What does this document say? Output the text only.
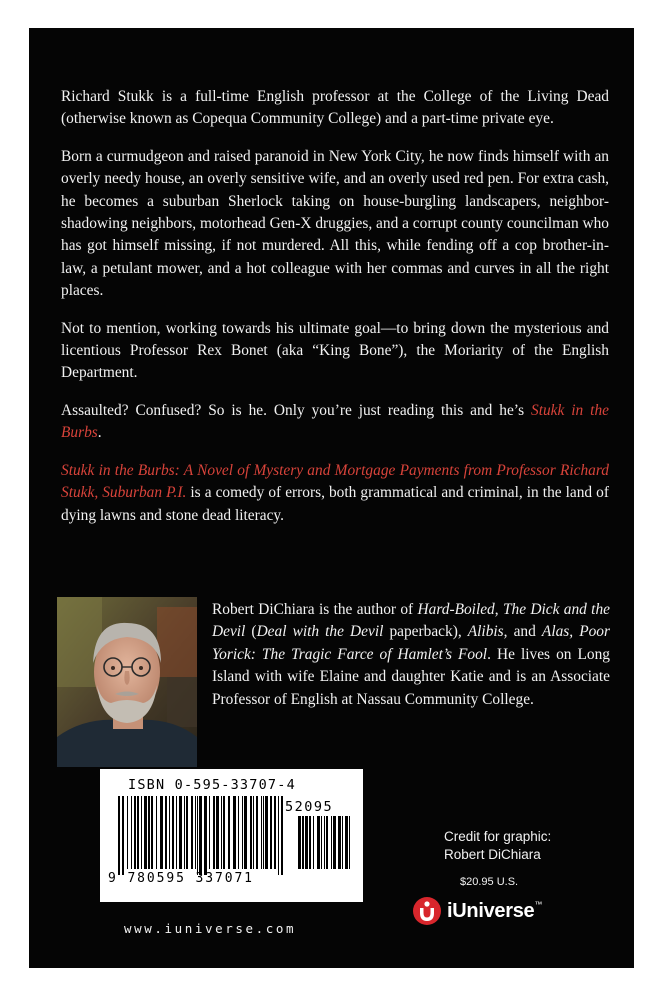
Richard Stukk is a full-time English professor at the College of the Living Dead (otherwise known as Copequa Community College) and a part-time private eye.

Born a curmudgeon and raised paranoid in New York City, he now finds himself with an overly needy house, an overly sensitive wife, and an overly used red pen. For extra cash, he becomes a suburban Sherlock taking on house-burgling landscapers, neighbor-shadowing neighbors, motorhead Gen-X druggies, and a corrupt county councilman who has got himself missing, if not murdered. All this, while fending off a cop brother-in-law, a petulant mower, and a hot colleague with her commas and curves in all the right places.

Not to mention, working towards his ultimate goal—to bring down the mysterious and licentious Professor Rex Bonet (aka “King Bone”), the Moriarity of the English Department.

Assaulted? Confused? So is he. Only you’re just reading this and he’s Stukk in the Burbs.

Stukk in the Burbs: A Novel of Mystery and Mortgage Payments from Professor Richard Stukk, Suburban P.I. is a comedy of errors, both grammatical and criminal, in the land of dying lawns and stone dead literacy.

Robert DiChiara is the author of Hard-Boiled, The Dick and the Devil (Deal with the Devil paperback), Alibis, and Alas, Poor Yorick: The Tragic Farce of Hamlet’s Fool. He lives on Long Island with wife Elaine and daughter Katie and is an Associate Professor of English at Nassau Community College.

ISBN 0-595-33707-4
52095
9 780595 337071
www.iuniverse.com
Credit for graphic:
Robert DiChiara
$20.95 U.S.
iUniverse™
